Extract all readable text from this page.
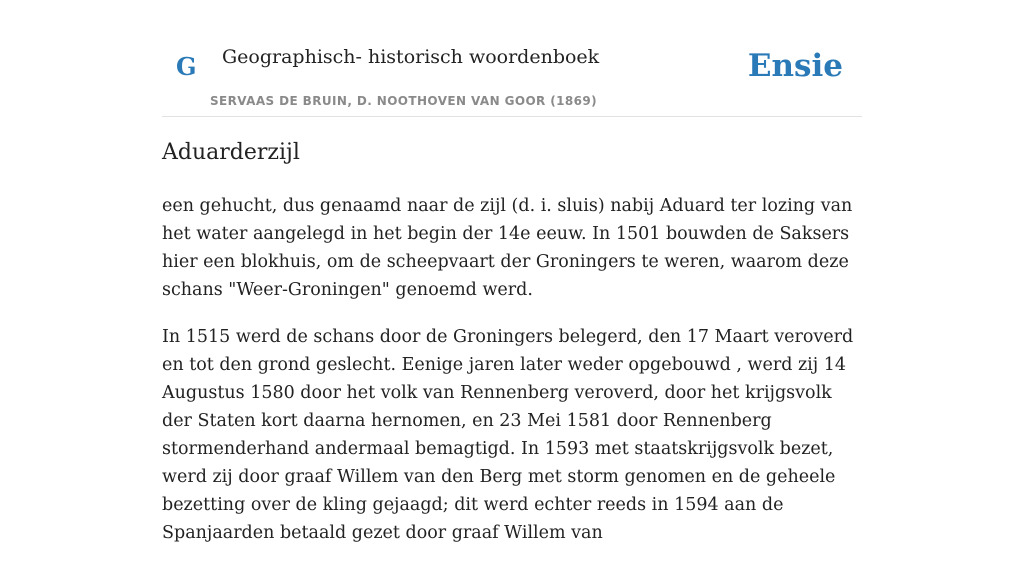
G Geographisch- historisch woordenboek
SERVAAS DE BRUIN, D. NOOTHOVEN VAN GOOR (1869)
Ensie
Aduarderzijl

een gehucht, dus genaamd naar de zijl (d. i. sluis) nabij Aduard ter lozing van het water aangelegd in het begin der 14e eeuw. In 1501 bouwden de Saksers hier een blokhuis, om de scheepvaart der Groningers te weren, waarom deze schans "Weer-Groningen" genoemd werd.

In 1515 werd de schans door de Groningers belegerd, den 17 Maart veroverd en tot den grond geslecht. Eenige jaren later weder opgebouwd , werd zij 14 Augustus 1580 door het volk van Rennenberg veroverd, door het krijgsvolk der Staten kort daarna hernomen, en 23 Mei 1581 door Rennenberg stormenderhand andermaal bemagtigd. In 1593 met staatskrijgsvolk bezet, werd zij door graaf Willem van den Berg met storm genomen en de geheele bezetting over de kling gejaagd; dit werd echter reeds in 1594 aan de Spanjaarden betaald gezet door graaf Willem van
